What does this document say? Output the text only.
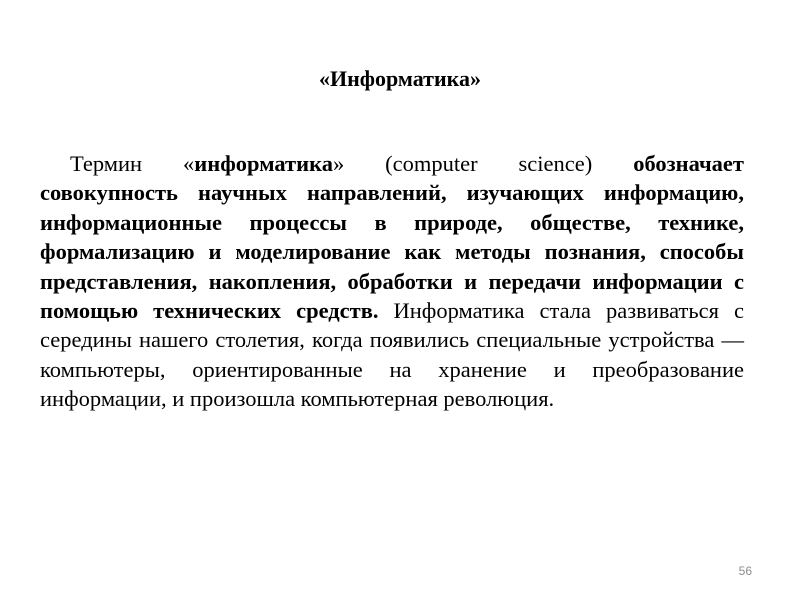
«Информатика»

Термин «информатика» (computer science) обозначает совокупность научных направлений, изучающих информацию, информационные процессы в природе, обществе, технике, формализацию и моделирование как методы познания, способы представления, накопления, обработки и передачи информации с помощью технических средств. Информатика стала развиваться с середины нашего столетия, когда появились специальные устройства — компьютеры, ориентированные на хранение и преобразование информации, и произошла компьютерная революция.

56
